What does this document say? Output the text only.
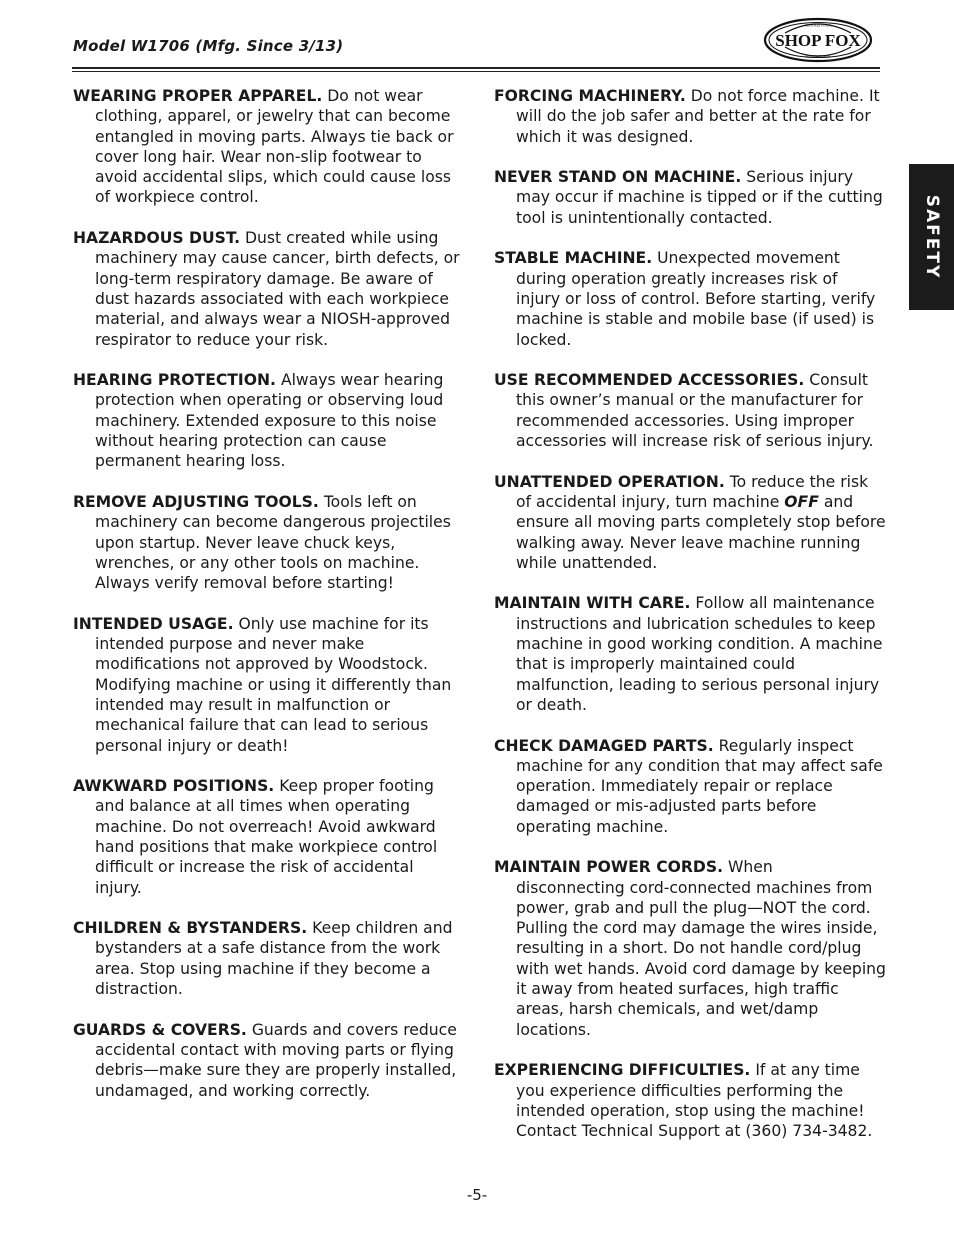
Model W1706 (Mfg. Since 3/13)	SHOP FOX
WOODSTOCK
INTERNATIONAL
SAFETY

WEARING PROPER APPAREL. Do not wear clothing, apparel, or jewelry that can become entangled in moving parts. Always tie back or cover long hair. Wear non-slip footwear to avoid accidental slips, which could cause loss of workpiece control.

HAZARDOUS DUST. Dust created while using machinery may cause cancer, birth defects, or long-term respiratory damage. Be aware of dust hazards associated with each workpiece material, and always wear a NIOSH-approved respirator to reduce your risk.

HEARING PROTECTION. Always wear hearing protection when operating or observing loud machinery. Extended exposure to this noise without hearing protection can cause permanent hearing loss.

REMOVE ADJUSTING TOOLS. Tools left on machinery can become dangerous projectiles upon startup. Never leave chuck keys, wrenches, or any other tools on machine. Always verify removal before starting!

INTENDED USAGE. Only use machine for its intended purpose and never make modifications not approved by Woodstock. Modifying machine or using it differently than intended may result in malfunction or mechanical failure that can lead to serious personal injury or death!

AWKWARD POSITIONS. Keep proper footing and balance at all times when operating machine. Do not overreach! Avoid awkward hand positions that make workpiece control difficult or increase the risk of accidental injury.

CHILDREN & BYSTANDERS. Keep children and bystanders at a safe distance from the work area. Stop using machine if they become a distraction.

GUARDS & COVERS. Guards and covers reduce accidental contact with moving parts or flying debris—make sure they are properly installed, undamaged, and working correctly.

FORCING MACHINERY. Do not force machine. It will do the job safer and better at the rate for which it was designed.

NEVER STAND ON MACHINE. Serious injury may occur if machine is tipped or if the cutting tool is unintentionally contacted.

STABLE MACHINE. Unexpected movement during operation greatly increases risk of injury or loss of control. Before starting, verify machine is stable and mobile base (if used) is locked.

USE RECOMMENDED ACCESSORIES. Consult this owner’s manual or the manufacturer for recommended accessories. Using improper accessories will increase risk of serious injury.

UNATTENDED OPERATION. To reduce the risk of accidental injury, turn machine OFF and ensure all moving parts completely stop before walking away. Never leave machine running while unattended.

MAINTAIN WITH CARE. Follow all maintenance instructions and lubrication schedules to keep machine in good working condition. A machine that is improperly maintained could malfunction, leading to serious personal injury or death.

CHECK DAMAGED PARTS. Regularly inspect machine for any condition that may affect safe operation. Immediately repair or replace damaged or mis-adjusted parts before operating machine.

MAINTAIN POWER CORDS. When disconnecting cord-connected machines from power, grab and pull the plug—NOT the cord. Pulling the cord may damage the wires inside, resulting in a short. Do not handle cord/plug with wet hands. Avoid cord damage by keeping it away from heated surfaces, high traffic areas, harsh chemicals, and wet/damp locations.

EXPERIENCING DIFFICULTIES. If at any time you experience difficulties performing the intended operation, stop using the machine! Contact Technical Support at (360) 734-3482.

-5-
